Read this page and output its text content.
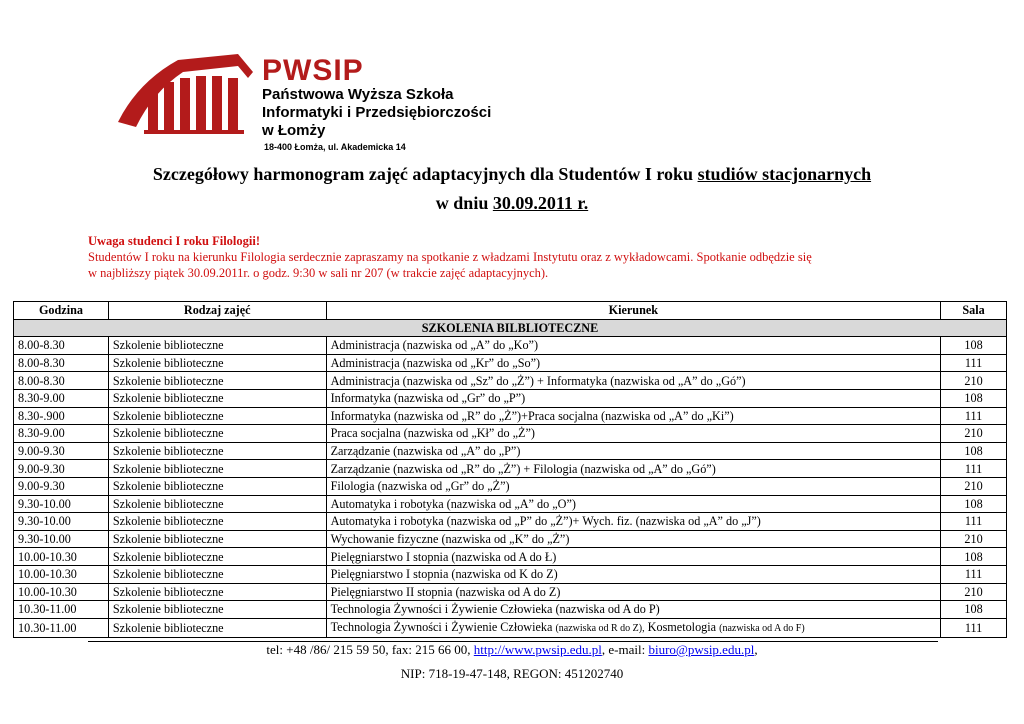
PWSIP
Państwowa Wyższa Szkoła
Informatyki i Przedsiębiorczości
w Łomży
18-400 Łomża, ul. Akademicka 14
Szczegółowy harmonogram zajęć adaptacyjnych dla Studentów I roku studiów stacjonarnych
w dniu 30.09.2011 r.
Uwaga studenci I roku Filologii!
Studentów I roku na kierunku Filologia serdecznie zapraszamy na spotkanie z władzami Instytutu oraz z wykładowcami. Spotkanie odbędzie się
w najbliższy piątek 30.09.2011r. o godz. 9:30 w sali nr 207 (w trakcie zajęć adaptacyjnych).
Godzina	Rodzaj zajęć	Kierunek	Sala
SZKOLENIA BILBLIOTECZNE			
8.00-8.30	Szkolenie biblioteczne	Administracja (nazwiska od „A” do „Ko”)	108
8.00-8.30	Szkolenie biblioteczne	Administracja (nazwiska od „Kr” do „So”)	111
8.00-8.30	Szkolenie biblioteczne	Administracja (nazwiska od „Sz” do „Ż”) + Informatyka (nazwiska od „A” do „Gó”)	210
8.30-9.00	Szkolenie biblioteczne	Informatyka (nazwiska od „Gr” do „P”)	108
8.30-.900	Szkolenie biblioteczne	Informatyka (nazwiska od „R” do „Ż”)+Praca socjalna (nazwiska od „A” do „Ki”)	111
8.30-9.00	Szkolenie biblioteczne	Praca socjalna (nazwiska od „Kł” do „Ż”)	210
9.00-9.30	Szkolenie biblioteczne	Zarządzanie (nazwiska od „A” do „P”)	108
9.00-9.30	Szkolenie biblioteczne	Zarządzanie (nazwiska od „R” do „Ż”) + Filologia (nazwiska od „A” do „Gó”)	111
9.00-9.30	Szkolenie biblioteczne	Filologia (nazwiska od „Gr” do „Ż”)	210
9.30-10.00	Szkolenie biblioteczne	Automatyka i robotyka (nazwiska od „A” do „O”)	108
9.30-10.00	Szkolenie biblioteczne	Automatyka i robotyka (nazwiska od „P” do „Ż”)+ Wych. fiz. (nazwiska od „A” do „J”)	111
9.30-10.00	Szkolenie biblioteczne	Wychowanie fizyczne (nazwiska od „K” do „Ż”)	210
10.00-10.30	Szkolenie biblioteczne	Pielęgniarstwo I stopnia (nazwiska od A do Ł)	108
10.00-10.30	Szkolenie biblioteczne	Pielęgniarstwo I stopnia (nazwiska od K do Z)	111
10.00-10.30	Szkolenie biblioteczne	Pielęgniarstwo II stopnia (nazwiska od A do Z)	210
10.30-11.00	Szkolenie biblioteczne	Technologia Żywności i Żywienie Człowieka (nazwiska od A do P)	108
10.30-11.00	Szkolenie biblioteczne	Technologia Żywności i Żywienie Człowieka (nazwiska od R do Z), Kosmetologia (nazwiska od A do F)	111
tel: +48 /86/ 215 59 50, fax: 215 66 00, http://www.pwsip.edu.pl, e-mail: biuro@pwsip.edu.pl,
NIP: 718-19-47-148, REGON: 451202740
